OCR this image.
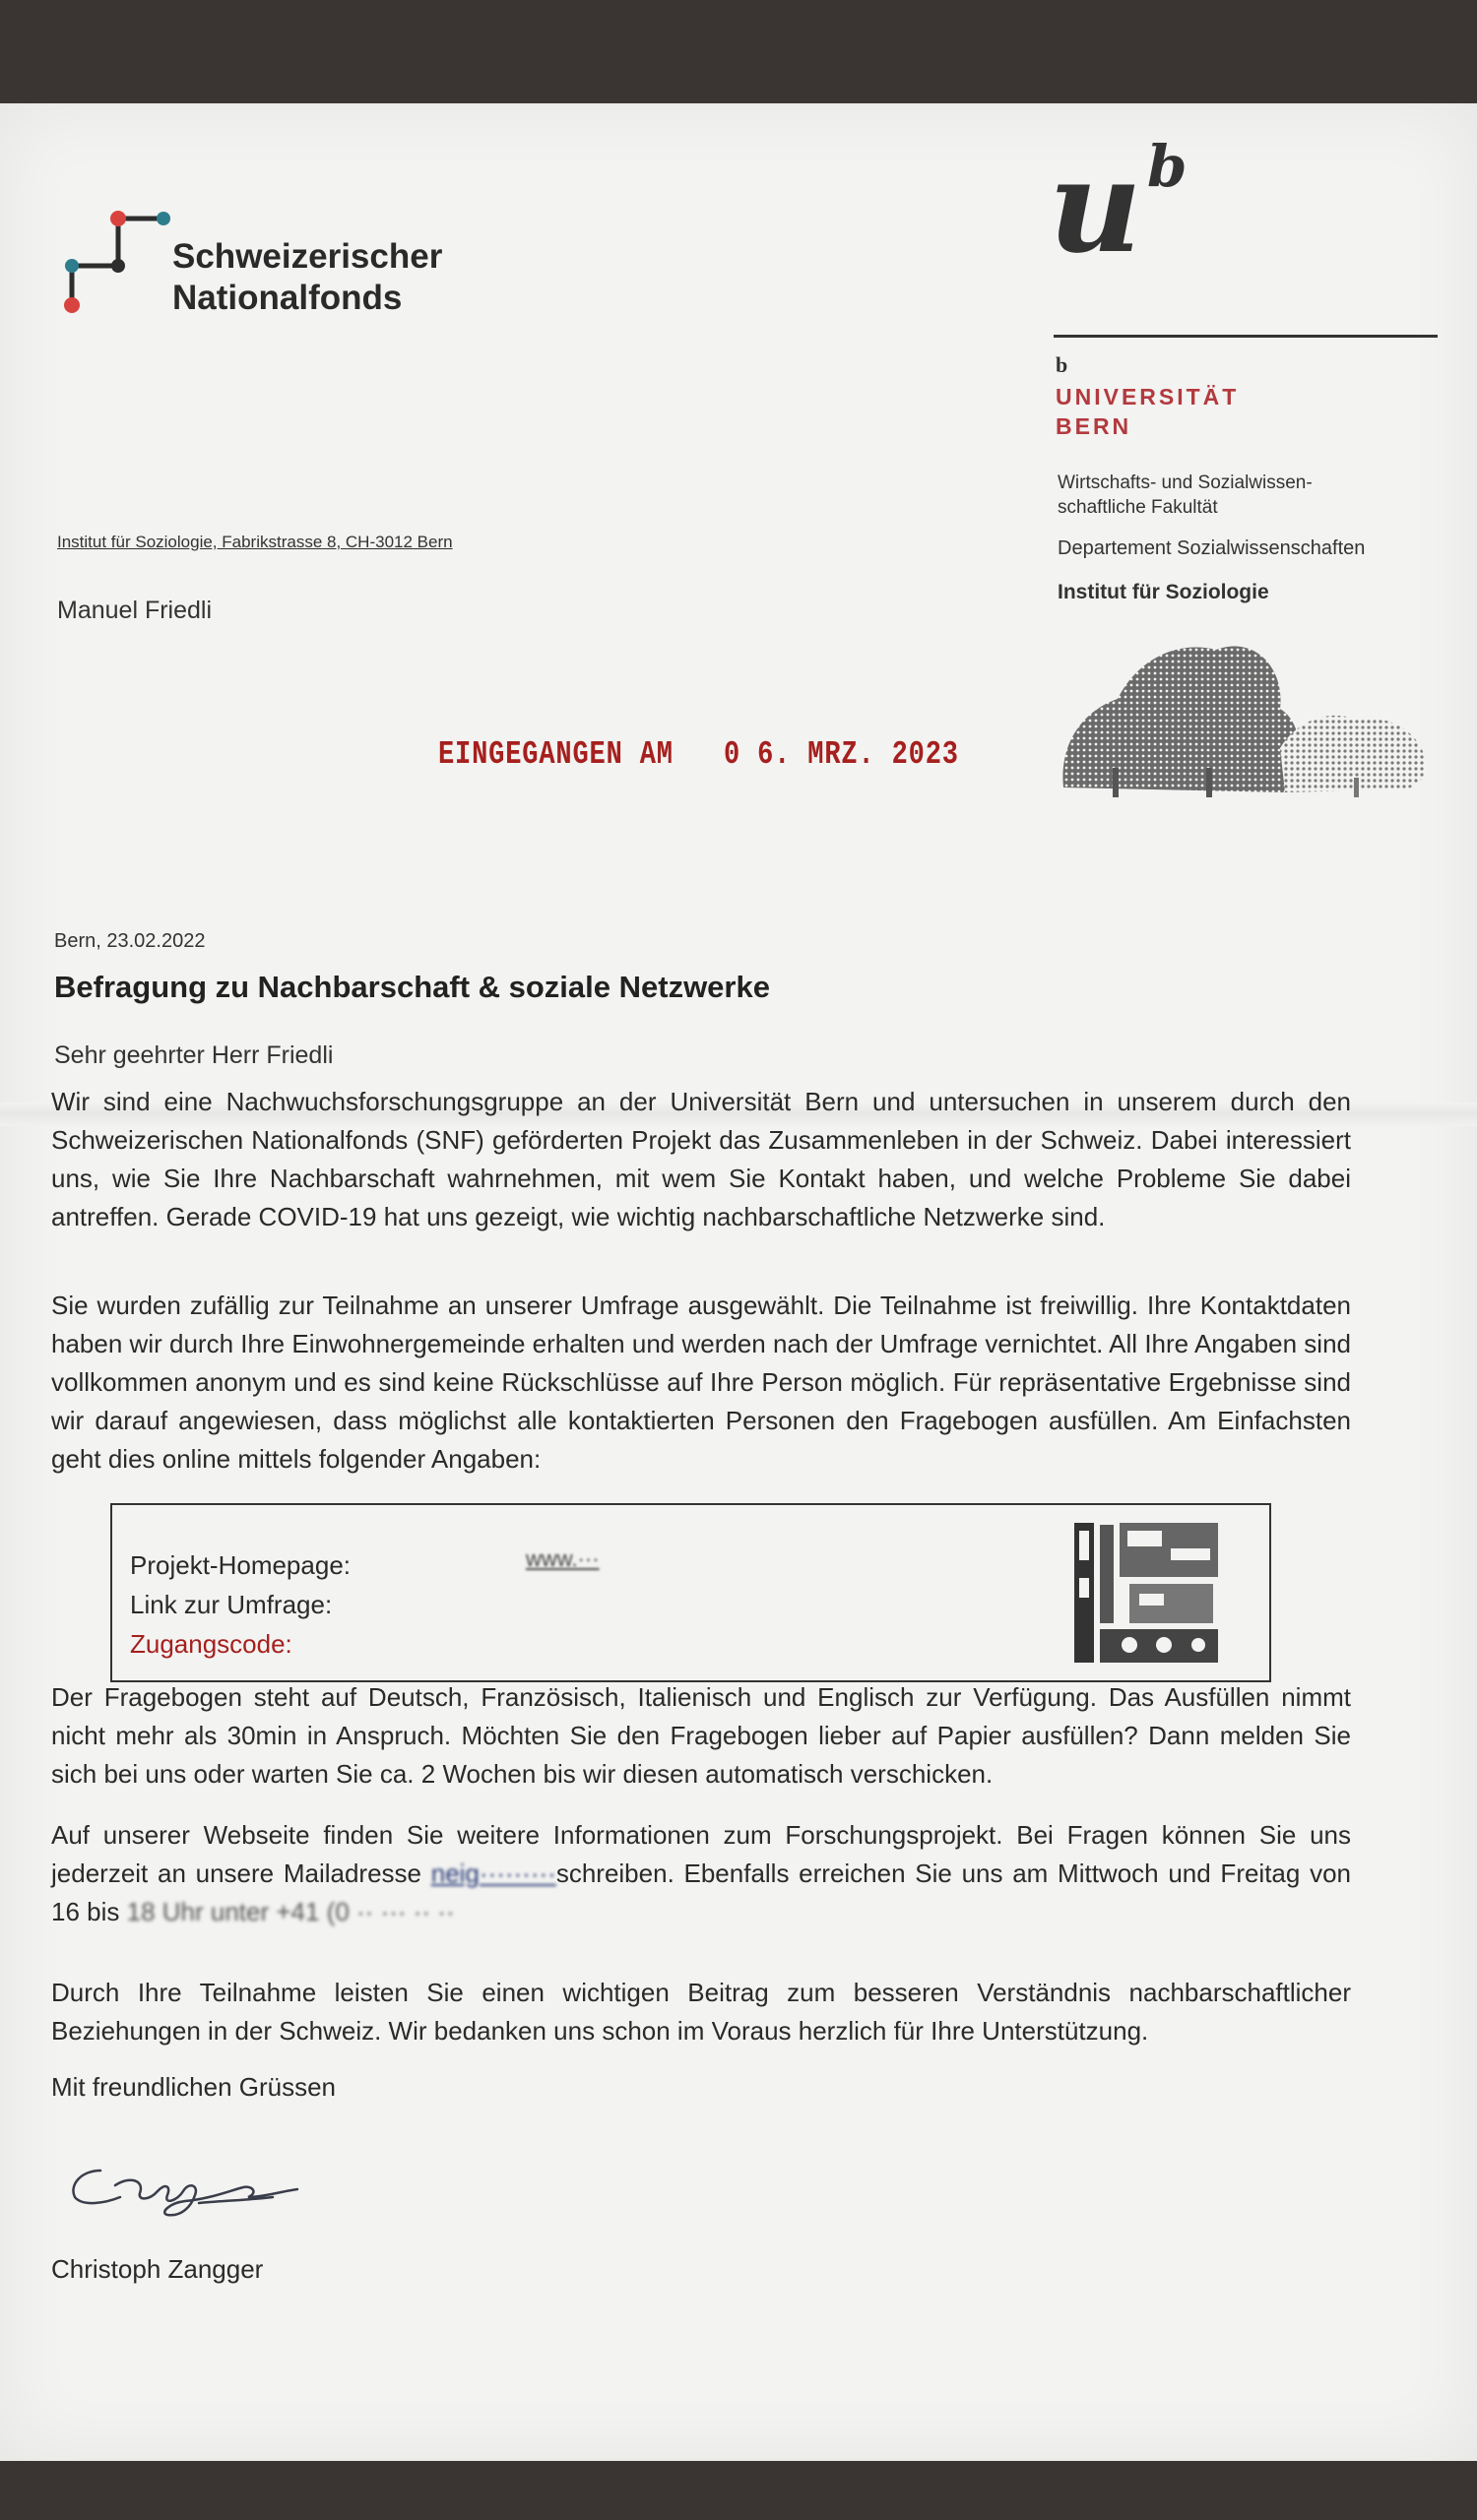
Schweizerischer
Nationalfonds
u b
b
UNIVERSITÄT
BERN
Wirtschafts- und Sozialwissen-
schaftliche Fakultät
Departement Sozialwissenschaften
Institut für Soziologie
Institut für Soziologie, Fabrikstrasse 8, CH-3012 Bern
Manuel Friedli
EINGEGANGEN AM 0 6. MRZ. 2023
Bern, 23.02.2022
Befragung zu Nachbarschaft & soziale Netzwerke
Sehr geehrter Herr Friedli
Wir sind eine Nachwuchsforschungsgruppe an der Universität Bern und untersuchen in unserem durch den Schweizerischen Nationalfonds (SNF) geförderten Projekt das Zusammenleben in der Schweiz. Dabei interessiert uns, wie Sie Ihre Nachbarschaft wahrnehmen, mit wem Sie Kontakt haben, und welche Probleme Sie dabei antreffen. Gerade COVID-19 hat uns gezeigt, wie wichtig nachbarschaftliche Netzwerke sind.
Sie wurden zufällig zur Teilnahme an unserer Umfrage ausgewählt. Die Teilnahme ist freiwillig. Ihre Kontaktdaten haben wir durch Ihre Einwohnergemeinde erhalten und werden nach der Umfrage vernichtet. All Ihre Angaben sind vollkommen anonym und es sind keine Rückschlüsse auf Ihre Person möglich. Für repräsentative Ergebnisse sind wir darauf angewiesen, dass möglichst alle kontaktierten Personen den Fragebogen ausfüllen. Am Einfachsten geht dies online mittels folgender Angaben:
Projekt-Homepage:	www.···
Link zur Umfrage:
Zugangscode:
Der Fragebogen steht auf Deutsch, Französisch, Italienisch und Englisch zur Verfügung. Das Ausfüllen nimmt nicht mehr als 30min in Anspruch. Möchten Sie den Fragebogen lieber auf Papier ausfüllen? Dann melden Sie sich bei uns oder warten Sie ca. 2 Wochen bis wir diesen automatisch verschicken.
Auf unserer Webseite finden Sie weitere Informationen zum Forschungsprojekt. Bei Fragen können Sie uns jederzeit an unsere Mailadresse neig·········schreiben. Ebenfalls erreichen Sie uns am Mittwoch und Freitag von 16 bis 18 Uhr unter +41 (0 ·· ··· ·· ··
Durch Ihre Teilnahme leisten Sie einen wichtigen Beitrag zum besseren Verständnis nachbarschaftlicher Beziehungen in der Schweiz. Wir bedanken uns schon im Voraus herzlich für Ihre Unterstützung.
Mit freundlichen Grüssen
Christoph Zangger
